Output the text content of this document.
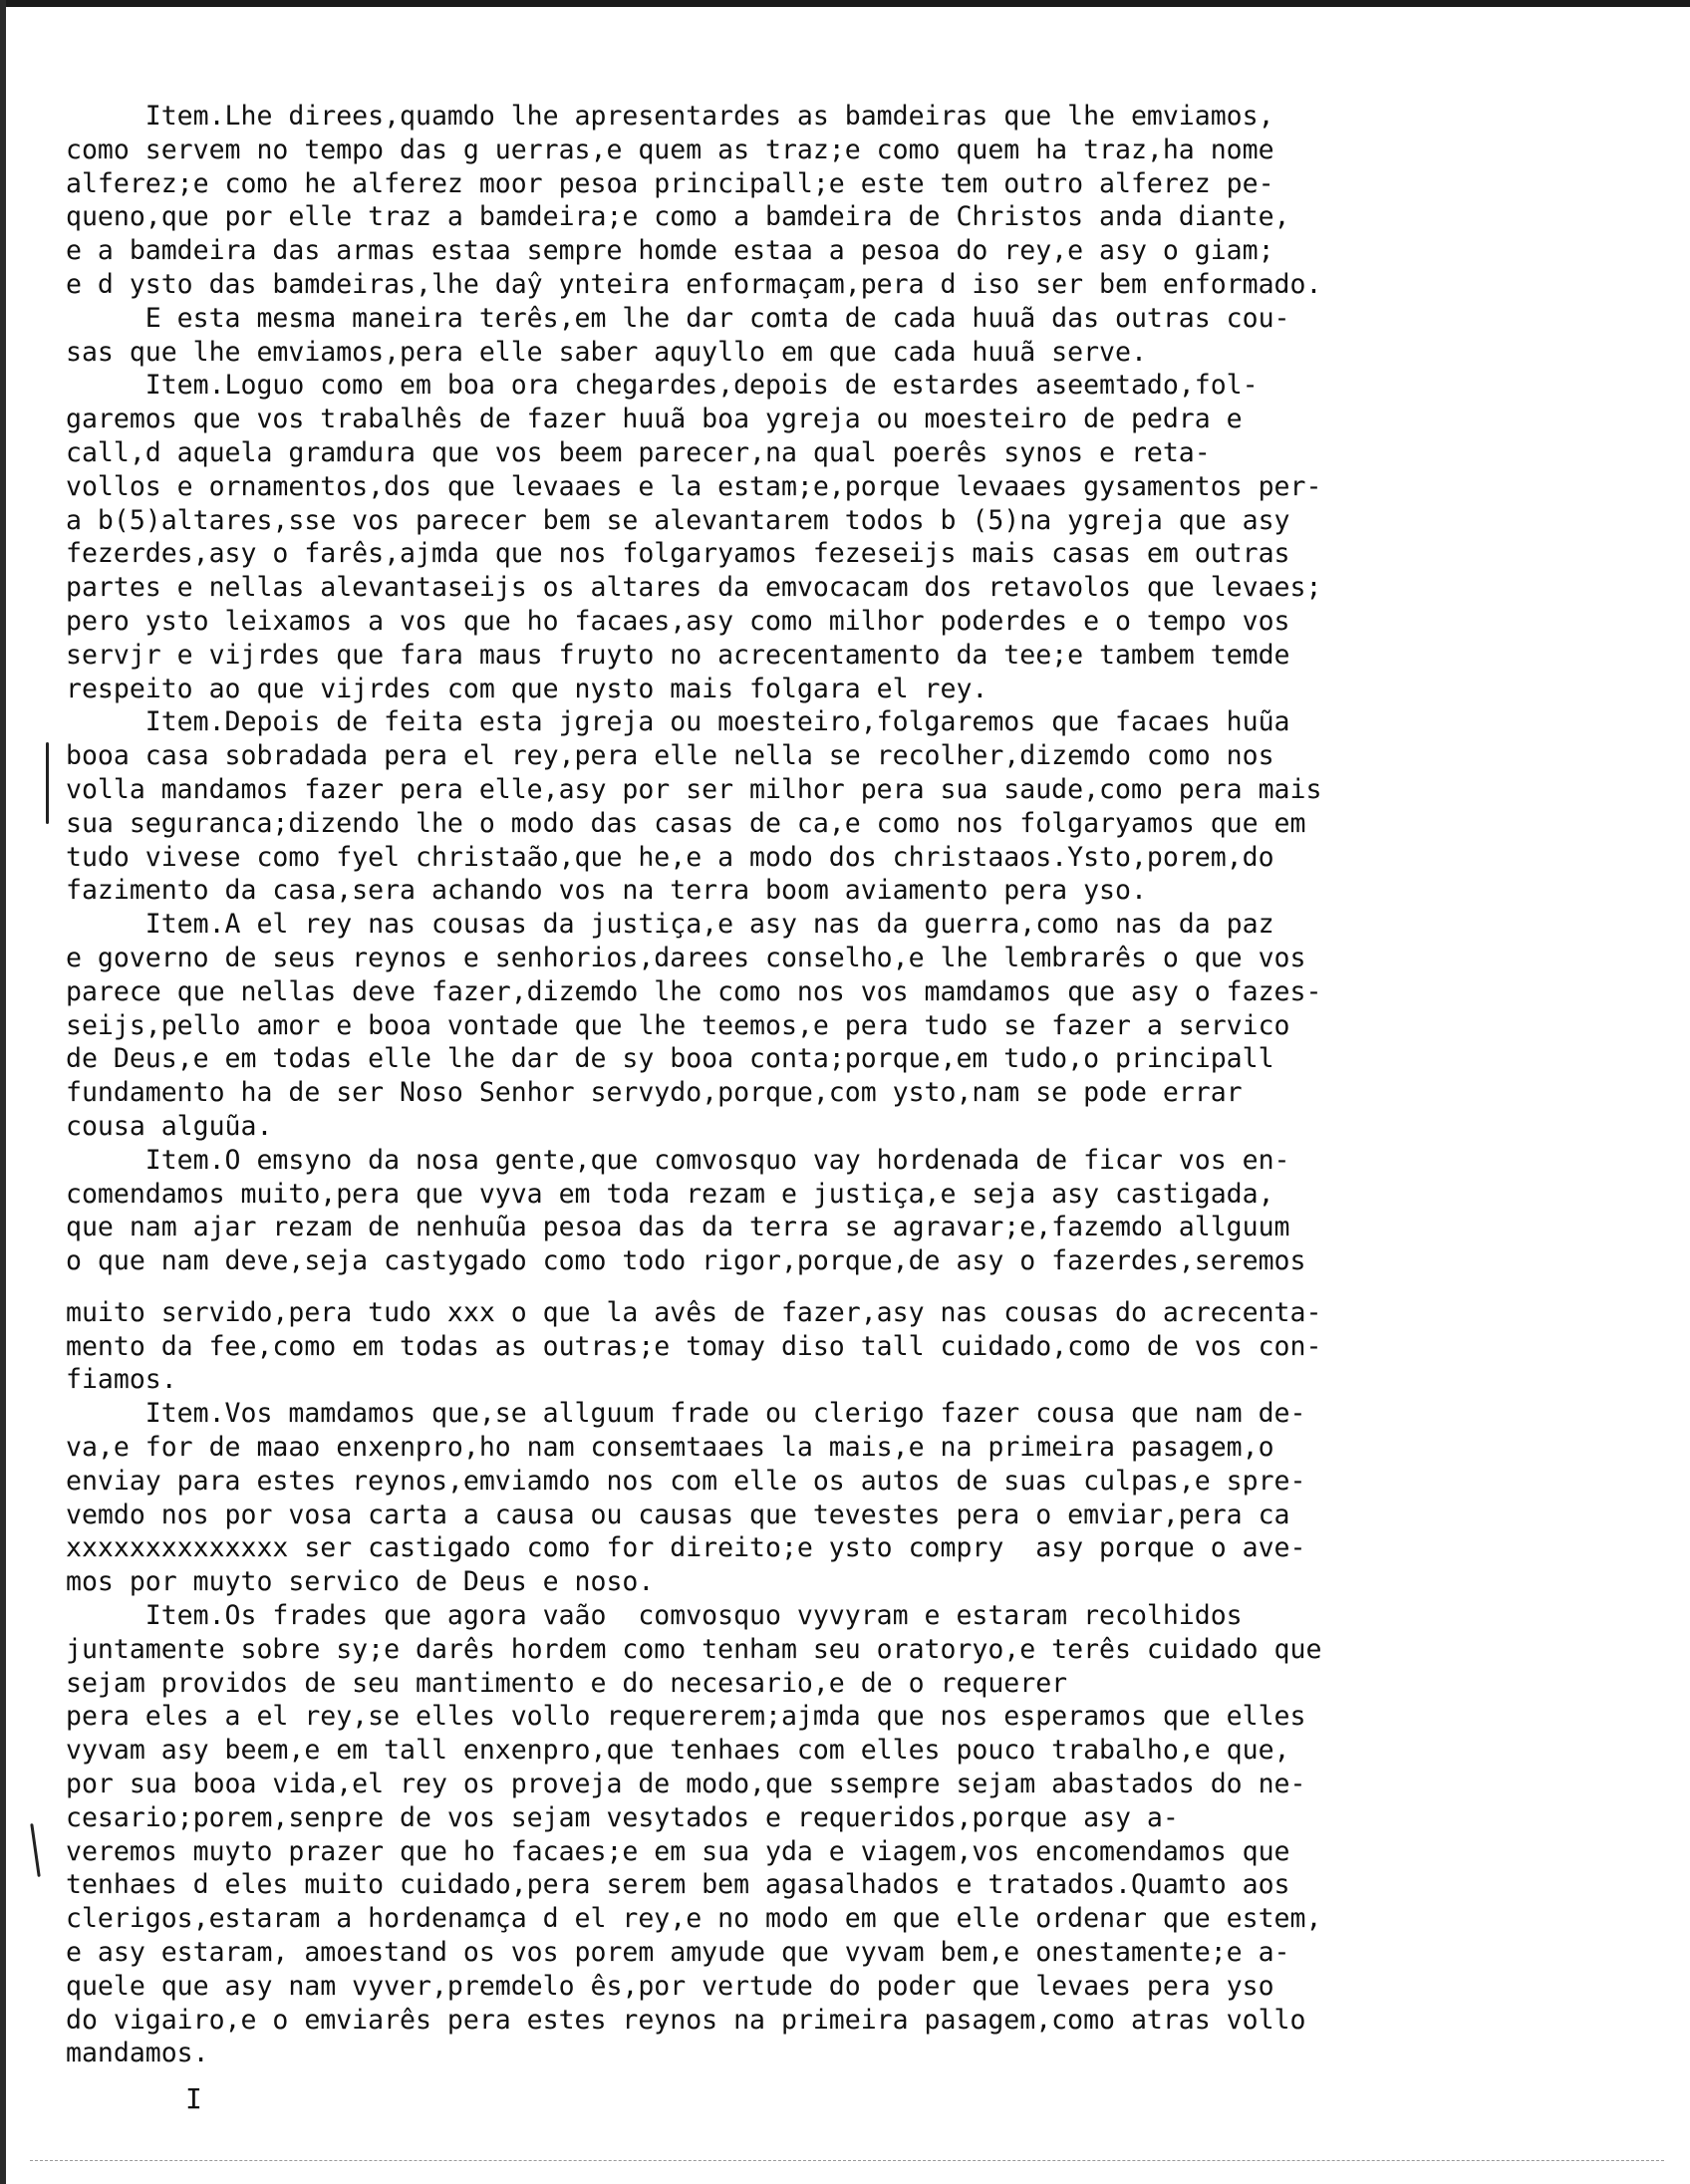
Item.Lhe direes,quamdo lhe apresentardes as bamdeiras que lhe emviamos,
como servem no tempo das g uerras,e quem as traz;e como quem ha traz,ha nome
alferez;e como he alferez moor pesoa principall;e este tem outro alferez pe-
queno,que por elle traz a bamdeira;e como a bamdeira de Christos anda diante,
e a bamdeira das armas estaa sempre homde estaa a pesoa do rey,e asy o giam;
e d ysto das bamdeiras,lhe daŷ ynteira enformaçam,pera d iso ser bem enformado.
E esta mesma maneira terês,em lhe dar comta de cada huuã das outras cou-
sas que lhe emviamos,pera elle saber aquyllo em que cada huuã serve.
Item.Loguo como em boa ora chegardes,depois de estardes aseemtado,fol-
garemos que vos trabalhês de fazer huuã boa ygreja ou moesteiro de pedra e
call,d aquela gramdura que vos beem parecer,na qual poerês synos e reta-
vollos e ornamentos,dos que levaaes e la estam;e,porque levaaes gysamentos per-
a b(5)altares,sse vos parecer bem se alevantarem todos b (5)na ygreja que asy
fezerdes,asy o farês,ajmda que nos folgaryamos fezeseijs mais casas em outras
partes e nellas alevantaseijs os altares da emvocacam dos retavolos que levaes;
pero ysto leixamos a vos que ho facaes,asy como milhor poderdes e o tempo vos
servjr e vijrdes que fara maus fruyto no acrecentamento da tee;e tambem temde
respeito ao que vijrdes com que nysto mais folgara el rey.
Item.Depois de feita esta jgreja ou moesteiro,folgaremos que facaes huũa
booa casa sobradada pera el rey,pera elle nella se recolher,dizemdo como nos
volla mandamos fazer pera elle,asy por ser milhor pera sua saude,como pera mais
sua seguranca;dizendo lhe o modo das casas de ca,e como nos folgaryamos que em
tudo vivese como fyel christaão,que he,e a modo dos christaaos.Ysto,porem,do
fazimento da casa,sera achando vos na terra boom aviamento pera yso.
Item.A el rey nas cousas da justiça,e asy nas da guerra,como nas da paz
e governo de seus reynos e senhorios,darees conselho,e lhe lembrarês o que vos
parece que nellas deve fazer,dizemdo lhe como nos vos mamdamos que asy o fazes-
seijs,pello amor e booa vontade que lhe teemos,e pera tudo se fazer a servico
de Deus,e em todas elle lhe dar de sy booa conta;porque,em tudo,o principall
fundamento ha de ser Noso Senhor servydo,porque,com ysto,nam se pode errar
cousa alguũa.
Item.O emsyno da nosa gente,que comvosquo vay hordenada de ficar vos en-
comendamos muito,pera que vyva em toda rezam e justiça,e seja asy castigada,
que nam ajar rezam de nenhuũa pesoa das da terra se agravar;e,fazemdo allguum
o que nam deve,seja castygado como todo rigor,porque,de asy o fazerdes,seremos
muito servido,pera tudo xxx o que la avês de fazer,asy nas cousas do acrecenta-
mento da fee,como em todas as outras;e tomay diso tall cuidado,como de vos con-
fiamos.
Item.Vos mamdamos que,se allguum frade ou clerigo fazer cousa que nam de-
va,e for de maao enxenpro,ho nam consemtaaes la mais,e na primeira pasagem,o
enviay para estes reynos,emviamdo nos com elle os autos de suas culpas,e spre-
vemdo nos por vosa carta a causa ou causas que tevestes pera o emviar,pera ca
xxxxxxxxxxxxxx ser castigado como for direito;e ysto compry  asy porque o ave-
mos por muyto servico de Deus e noso.
Item.Os frades que agora vaão  comvosquo vyvyram e estaram recolhidos
juntamente sobre sy;e darês hordem como tenham seu oratoryo,e terês cuidado que
sejam providos de seu mantimento e do necesario,e de o requerer
pera eles a el rey,se elles vollo requererem;ajmda que nos esperamos que elles
vyvam asy beem,e em tall enxenpro,que tenhaes com elles pouco trabalho,e que,
por sua booa vida,el rey os proveja de modo,que ssempre sejam abastados do ne-
cesario;porem,senpre de vos sejam vesytados e requeridos,porque asy a-
veremos muyto prazer que ho facaes;e em sua yda e viagem,vos encomendamos que
tenhaes d eles muito cuidado,pera serem bem agasalhados e tratados.Quamto aos
clerigos,estaram a hordenamça d el rey,e no modo em que elle ordenar que estem,
e asy estaram, amoestand os vos porem amyude que vyvam bem,e onestamente;e a-
quele que asy nam vyver,premdelo ês,por vertude do poder que levaes pera yso
do vigairo,e o emviarês pera estes reynos na primeira pasagem,como atras vollo
mandamos.
I
